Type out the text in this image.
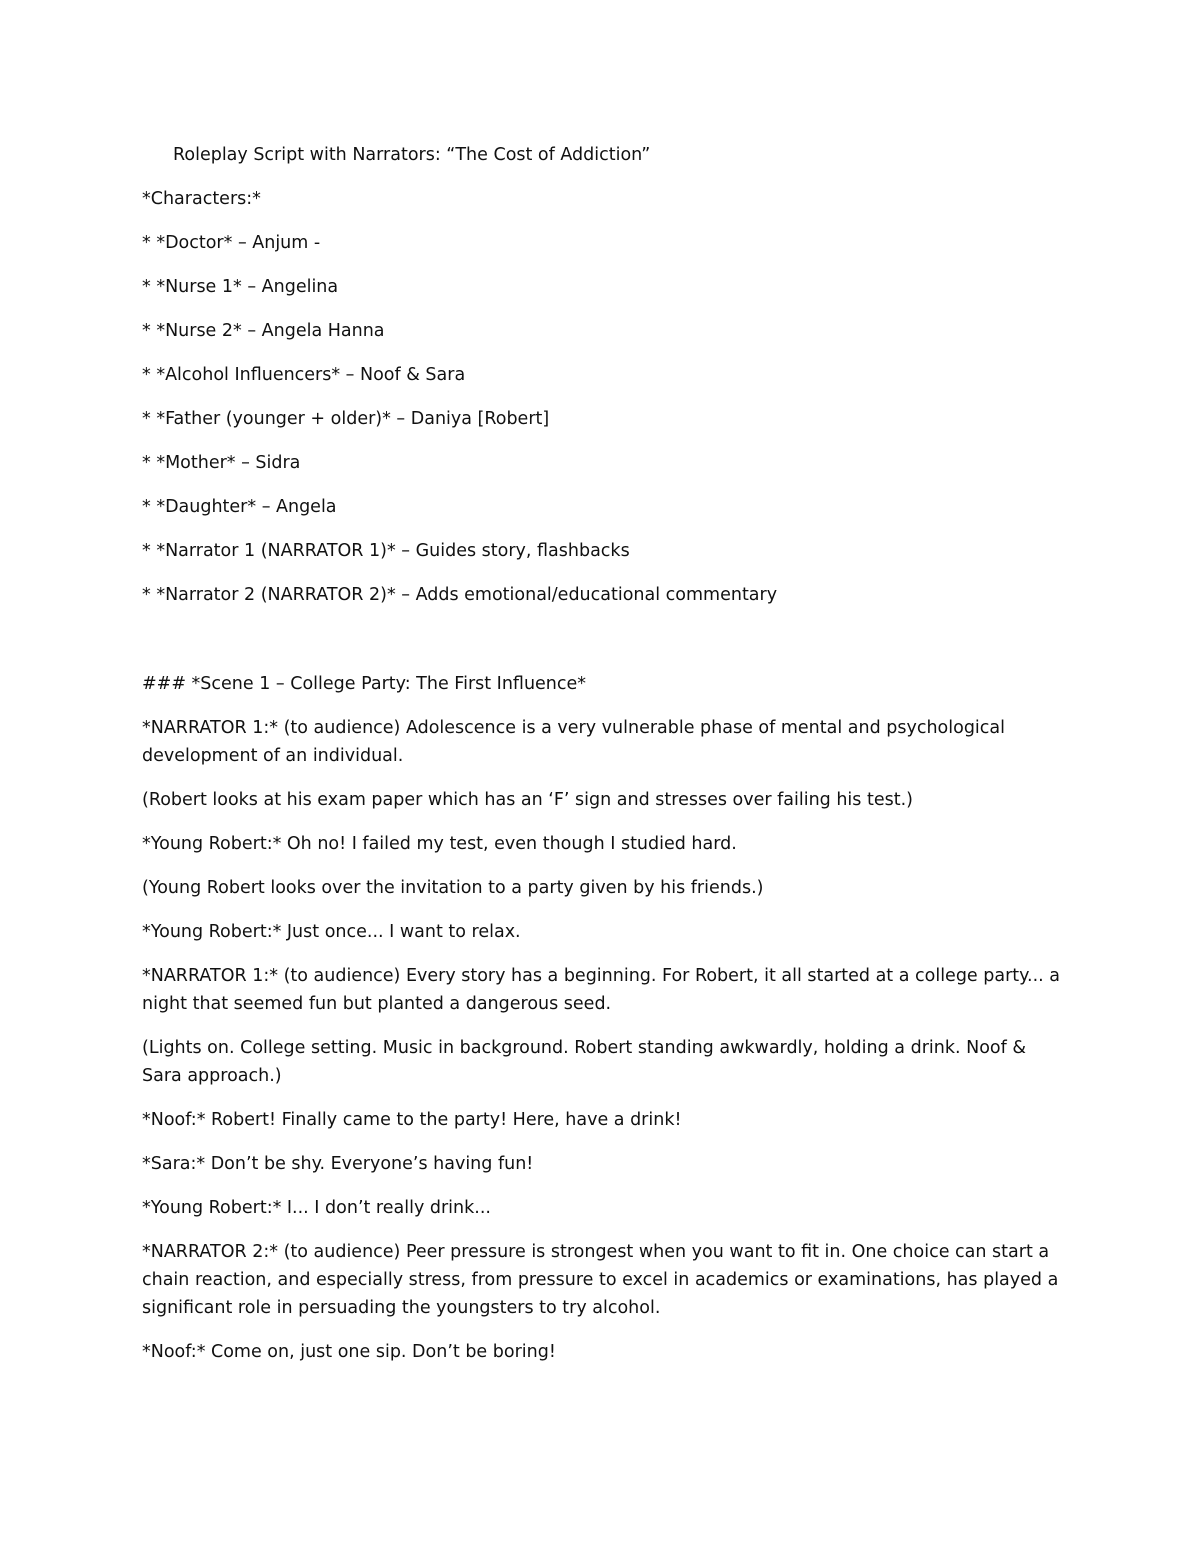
Roleplay Script with Narrators: “The Cost of Addiction”
*Characters:*
* *Doctor* – Anjum -
* *Nurse 1* – Angelina
* *Nurse 2* – Angela Hanna
* *Alcohol Influencers* – Noof & Sara
* *Father (younger + older)* – Daniya [Robert]
* *Mother* – Sidra
* *Daughter* – Angela
* *Narrator 1 (NARRATOR 1)* – Guides story, flashbacks
* *Narrator 2 (NARRATOR 2)* – Adds emotional/educational commentary
### *Scene 1 – College Party: The First Influence*

*NARRATOR 1:* (to audience) Adolescence is a very vulnerable phase of mental and psychological development of an individual.

(Robert looks at his exam paper which has an ‘F’ sign and stresses over failing his test.)

*Young Robert:* Oh no! I failed my test, even though I studied hard.

(Young Robert looks over the invitation to a party given by his friends.)

*Young Robert:* Just once... I want to relax.

*NARRATOR 1:* (to audience) Every story has a beginning. For Robert, it all started at a college party... a night that seemed fun but planted a dangerous seed.

(Lights on. College setting. Music in background. Robert standing awkwardly, holding a drink. Noof & Sara approach.)

*Noof:* Robert! Finally came to the party! Here, have a drink!

*Sara:* Don’t be shy. Everyone’s having fun!

*Young Robert:* I... I don’t really drink...

*NARRATOR 2:* (to audience) Peer pressure is strongest when you want to fit in. One choice can start a chain reaction, and especially stress, from pressure to excel in academics or examinations, has played a significant role in persuading the youngsters to try alcohol.

*Noof:* Come on, just one sip. Don’t be boring!
